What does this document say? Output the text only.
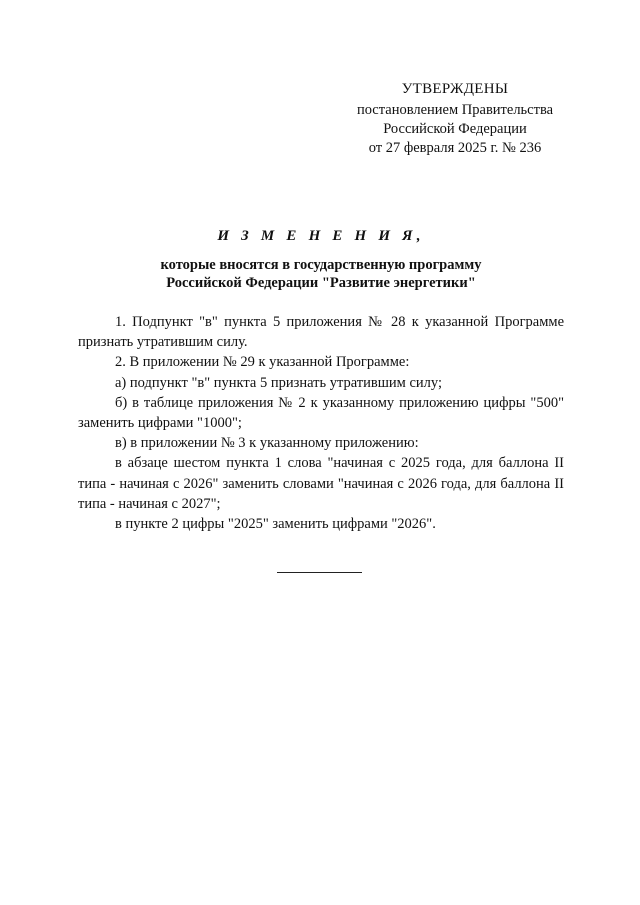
УТВЕРЖДЕНЫ
постановлением Правительства
Российской Федерации
от 27 февраля 2025 г. № 236
И З М Е Н Е Н И Я,
которые вносятся в государственную программу
Российской Федерации "Развитие энергетики"

1. Подпункт "в" пункта 5 приложения № 28 к указанной Программе признать утратившим силу.

2. В приложении № 29 к указанной Программе:

а) подпункт "в" пункта 5 признать утратившим силу;

б) в таблице приложения № 2 к указанному приложению цифры "500" заменить цифрами "1000";

в) в приложении № 3 к указанному приложению:

в абзаце шестом пункта 1 слова "начиная с 2025 года, для баллона II типа - начиная с 2026" заменить словами "начиная с 2026 года, для баллона II типа - начиная с 2027";

в пункте 2 цифры "2025" заменить цифрами "2026".
